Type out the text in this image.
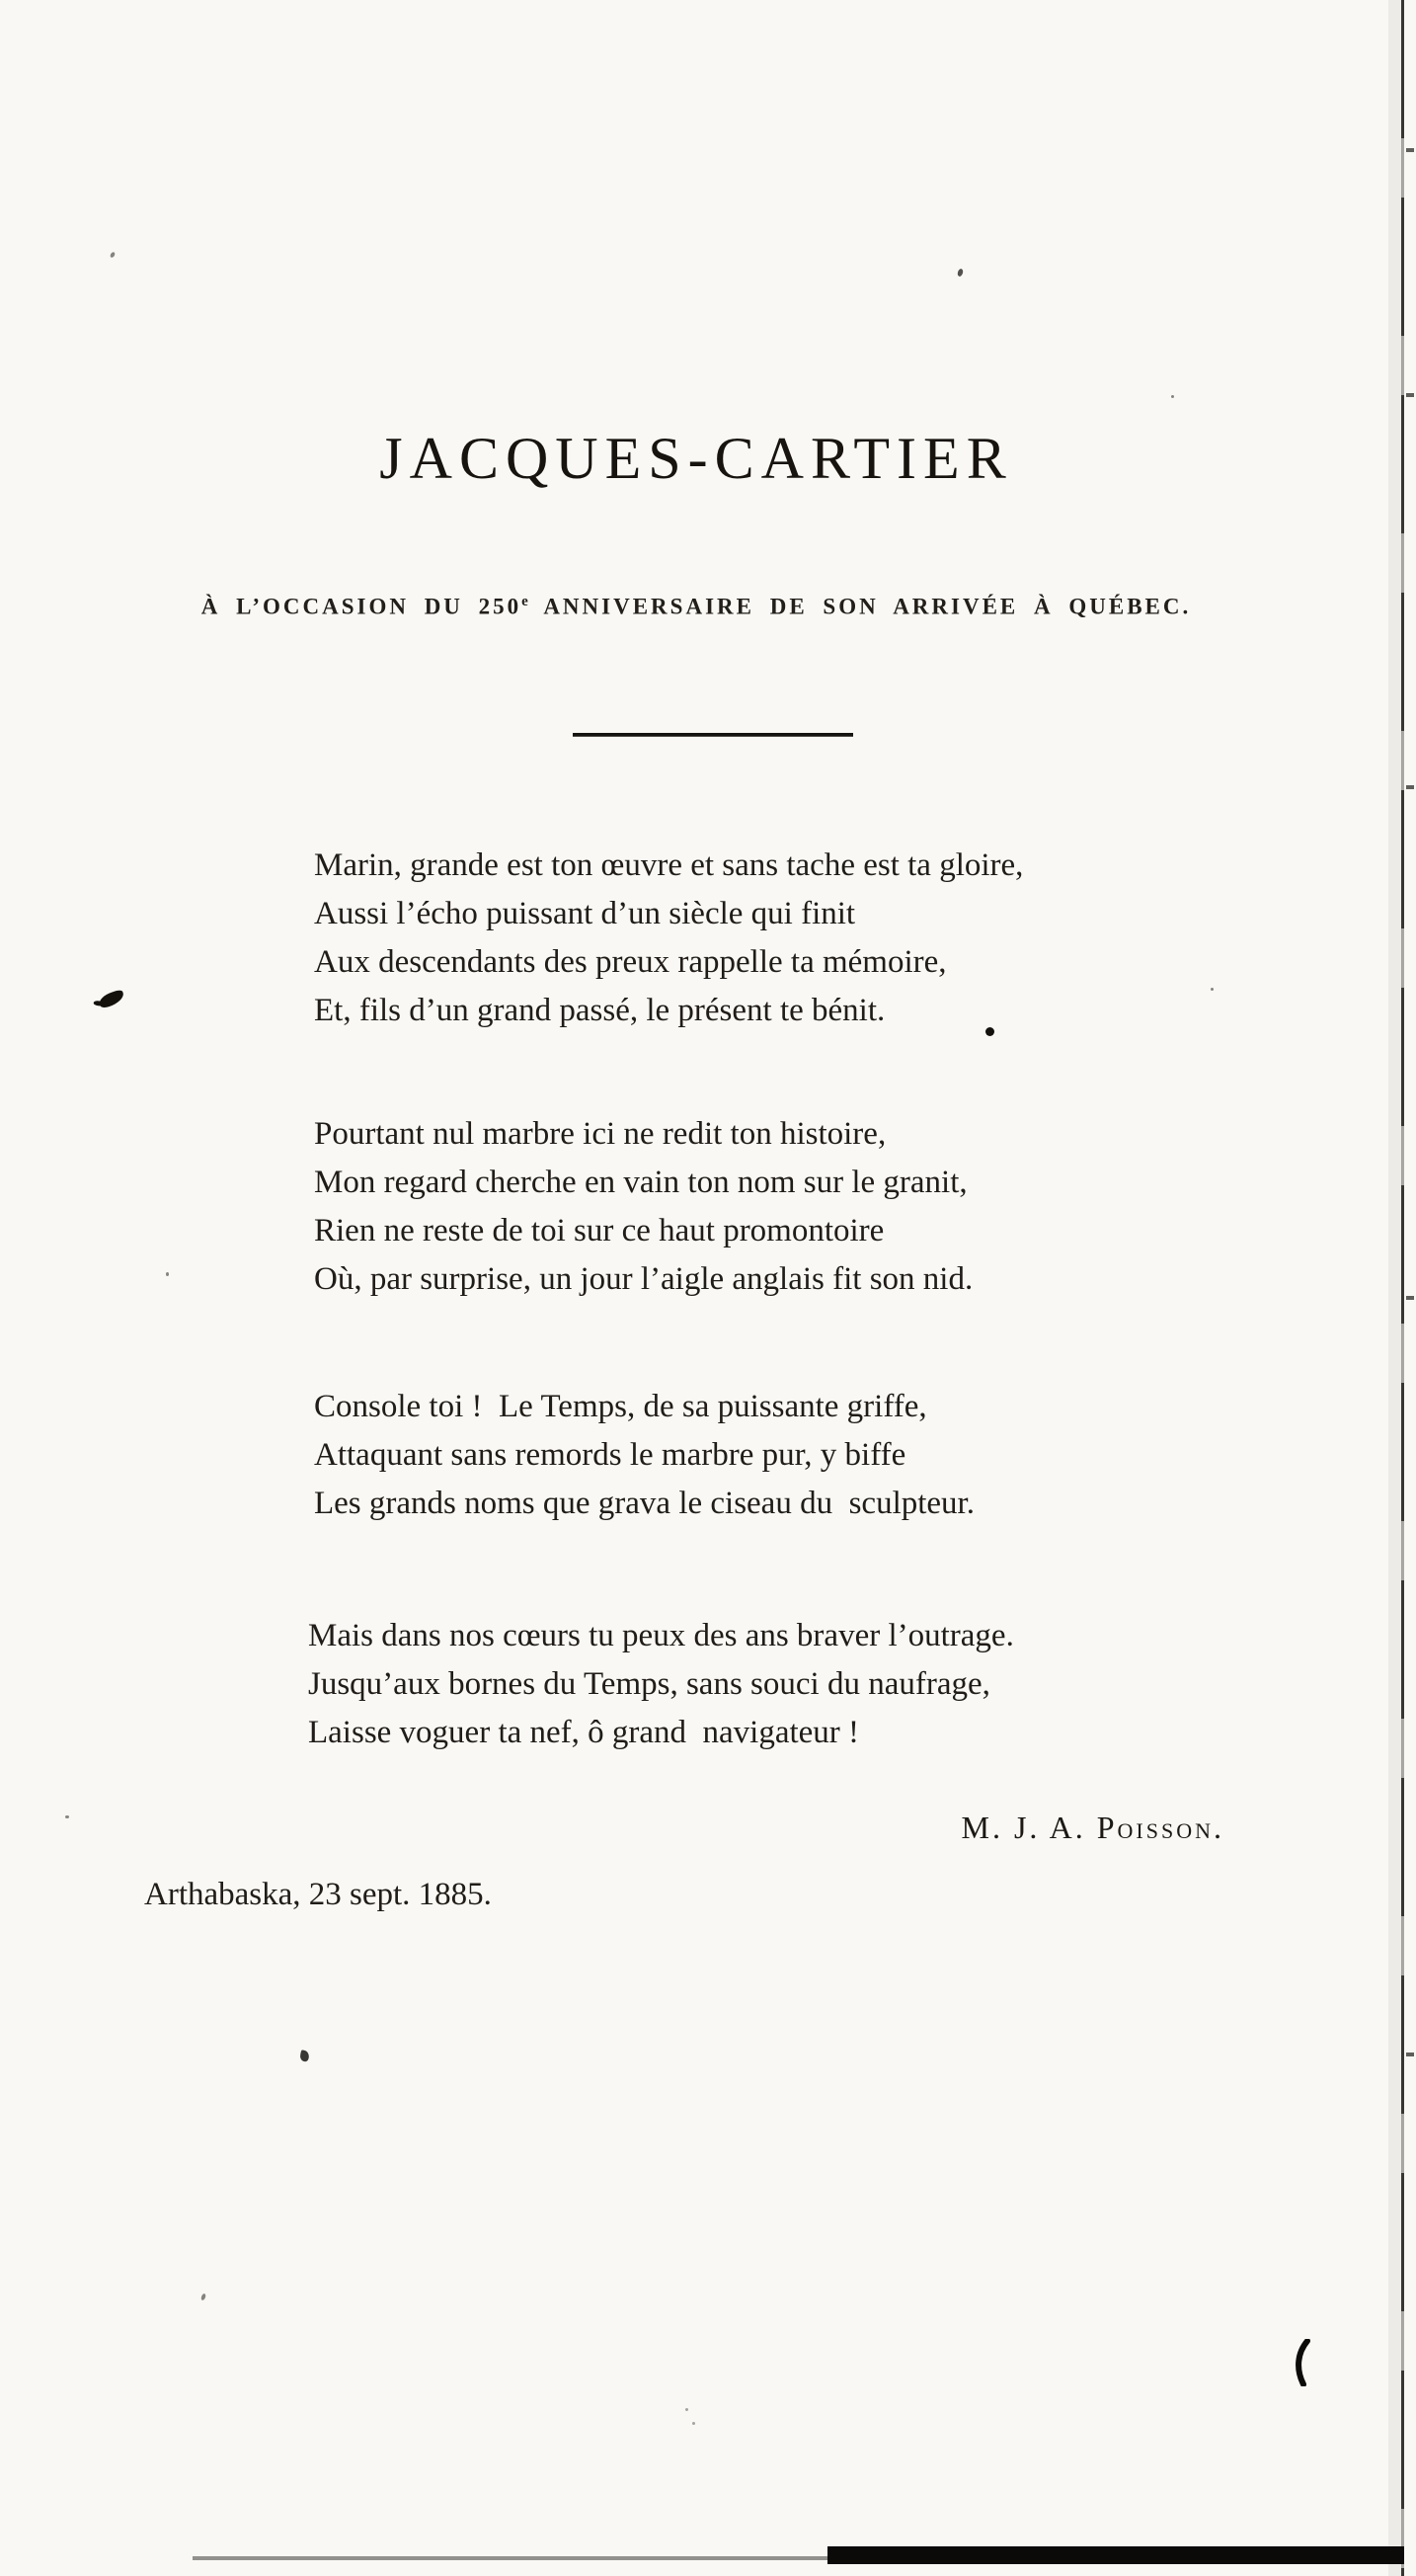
JACQUES-CARTIER
À L’OCCASION DU 250e ANNIVERSAIRE DE SON ARRIVÉE À QUÉBEC.
Marin, grande est ton œuvre et sans tache est ta gloire,
Aussi l’écho puissant d’un siècle qui finit
Aux descendants des preux rappelle ta mémoire,
Et, fils d’un grand passé, le présent te bénit.
Pourtant nul marbre ici ne redit ton histoire,
Mon regard cherche en vain ton nom sur le granit,
Rien ne reste de toi sur ce haut promontoire
Où, par surprise, un jour l’aigle anglais fit son nid.
Console toi !  Le Temps, de sa puissante griffe,
Attaquant sans remords le marbre pur, y biffe
Les grands noms que grava le ciseau du  sculpteur.
Mais dans nos cœurs tu peux des ans braver l’outrage.
Jusqu’aux bornes du Temps, sans souci du naufrage,
Laisse voguer ta nef, ô grand  navigateur !
M. J. A. Poisson.
Arthabaska, 23 sept. 1885.
